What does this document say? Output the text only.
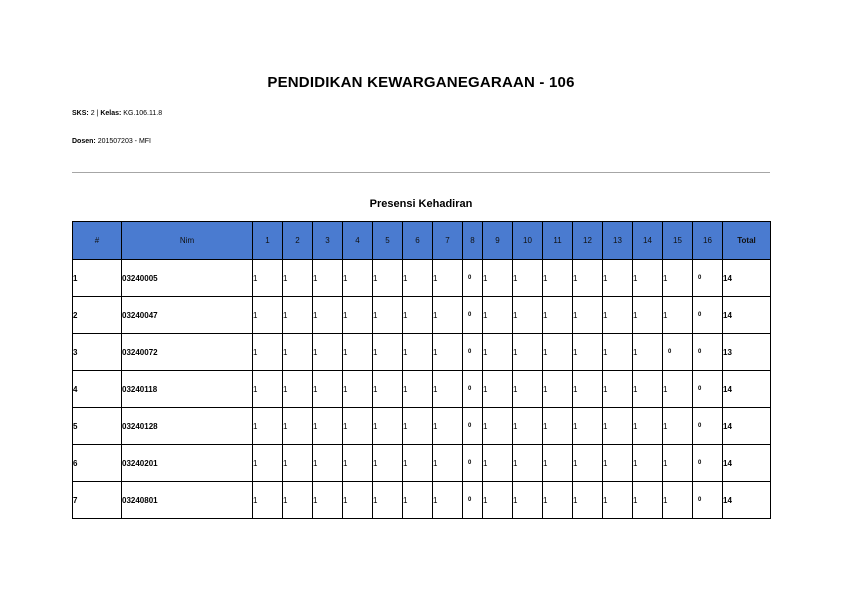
PENDIDIKAN KEWARGANEGARAAN - 106
SKS: 2 | Kelas: KG.106.11.8
Dosen: 201507203 - MFI
Presensi Kehadiran
#	Nim	1	2	3	4	5	6	7	8	9	10	11	12	13	14	15	16	Total
1	03240005	1	1	1	1	1	1	1	0	1	1	1	1	1	1	1	0	14
2	03240047	1	1	1	1	1	1	1	0	1	1	1	1	1	1	1	0	14
3	03240072	1	1	1	1	1	1	1	0	1	1	1	1	1	1	0	0	13
4	03240118	1	1	1	1	1	1	1	0	1	1	1	1	1	1	1	0	14
5	03240128	1	1	1	1	1	1	1	0	1	1	1	1	1	1	1	0	14
6	03240201	1	1	1	1	1	1	1	0	1	1	1	1	1	1	1	0	14
7	03240801	1	1	1	1	1	1	1	0	1	1	1	1	1	1	1	0	14
